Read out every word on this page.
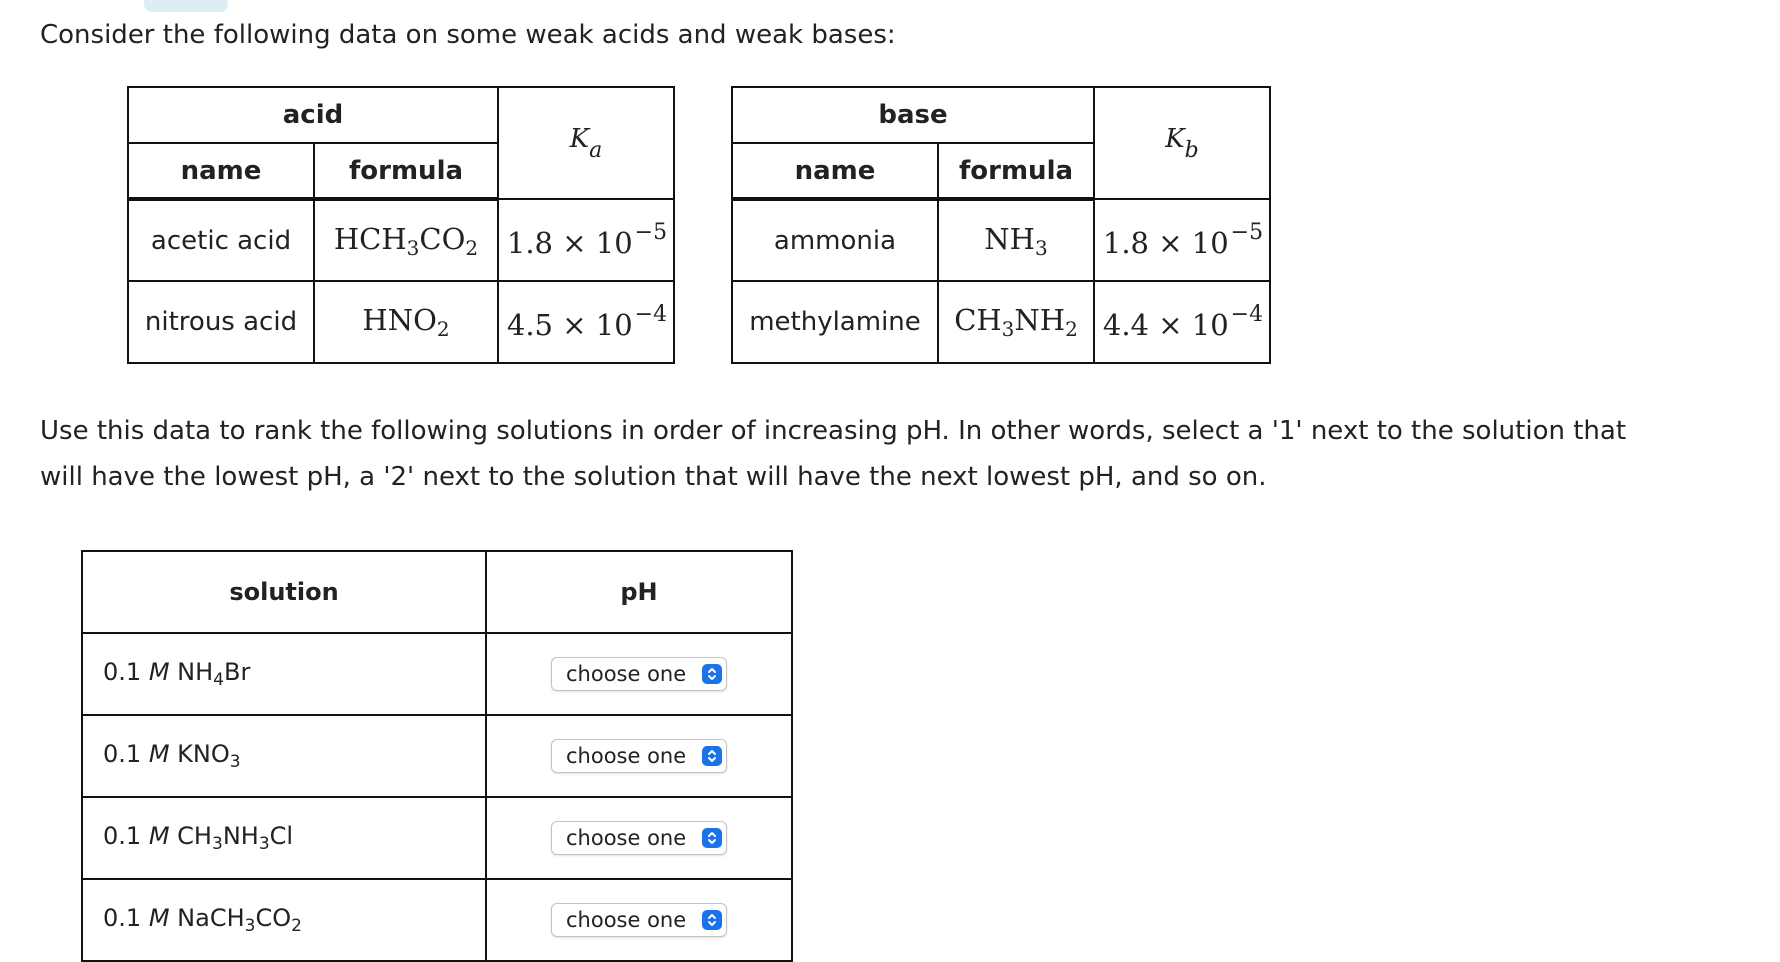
Consider the following data on some weak acids and weak bases:
acid		$K_a$
name	formula	
acetic acid	$HCH_3CO_2$	$1.8 \times 10^{-5}$
nitrous acid	$HNO_2$	$4.5 \times 10^{-4}$
base		$K_b$
name	formula	
ammonia	$NH_3$	$1.8 \times 10^{-5}$
methylamine	$CH_3NH_2$	$4.4 \times 10^{-4}$
Use this data to rank the following solutions in order of increasing pH. In other words, select a '1' next to the solution that
will have the lowest pH, a '2' next to the solution that will have the next lowest pH, and so on.
solution	pH
0.1 M $NH_4Br$	choose one

0.1 M $KNO_3$	choose one

0.1 M $CH_3NH_3Cl$	choose one

0.1 M $NaCH_3CO_2$	choose one
